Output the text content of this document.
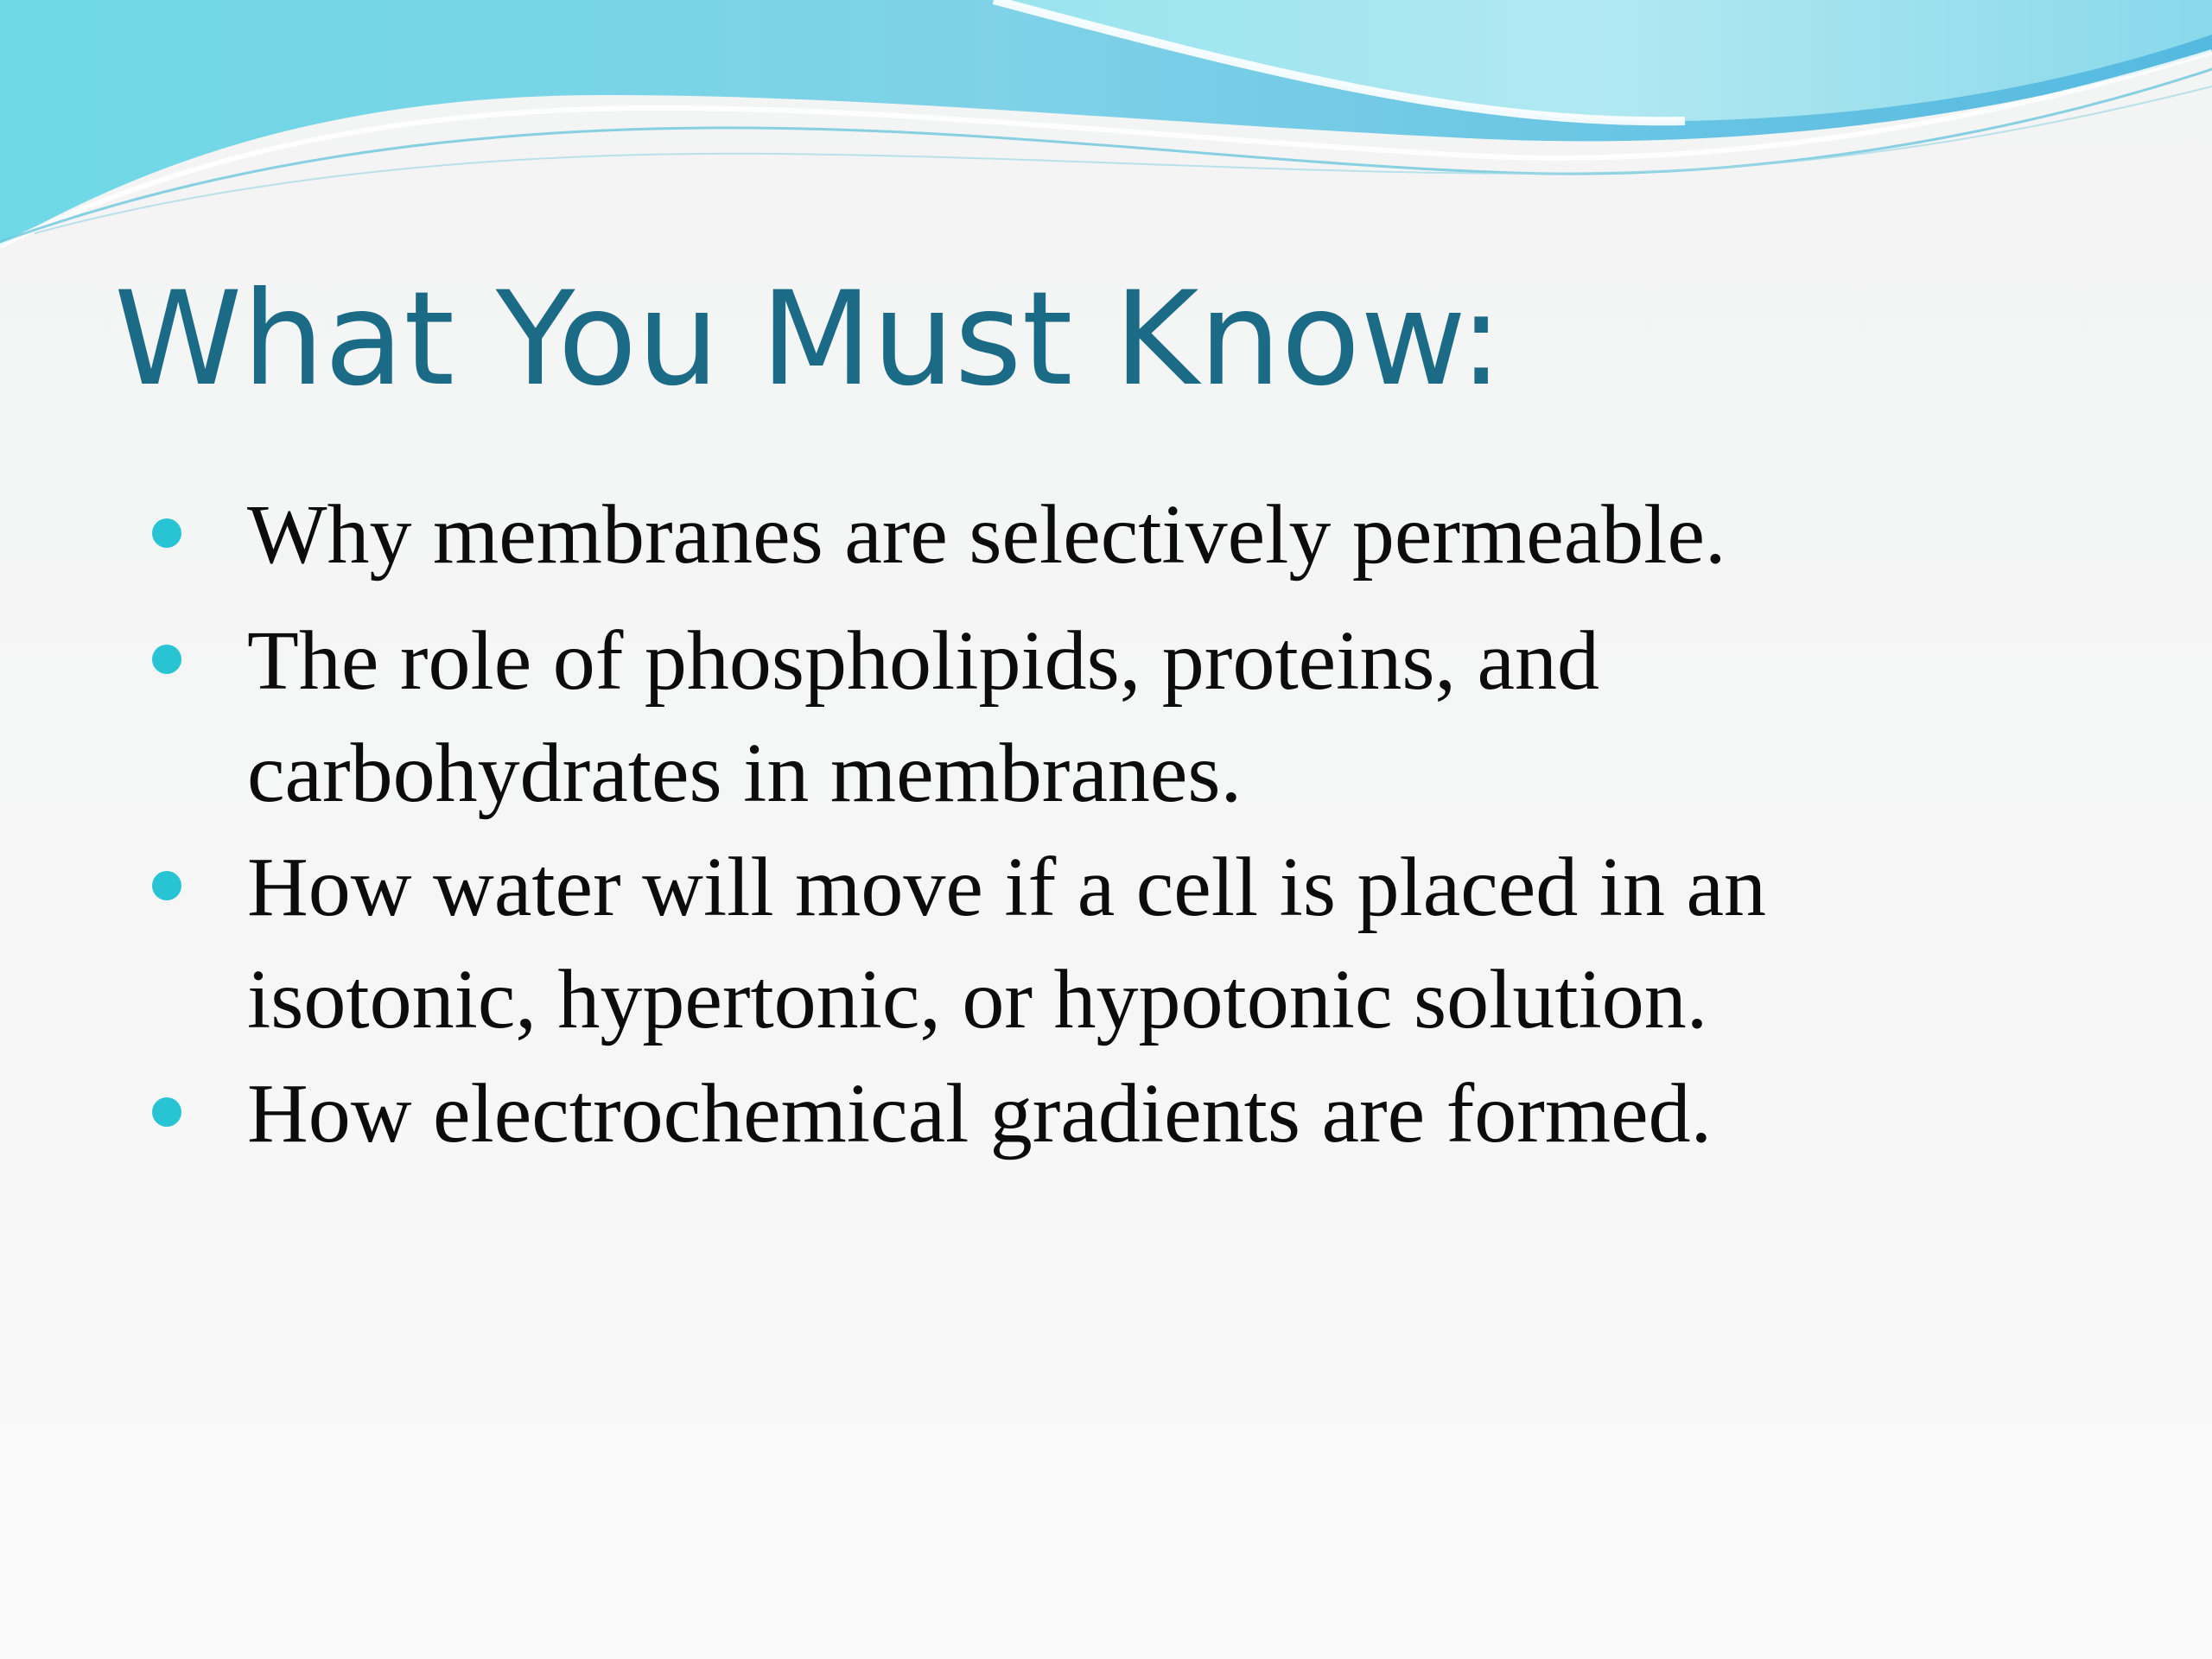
What You Must Know:
Why membranes are selectively permeable.
The role of phospholipids, proteins, and carbohydrates in membranes.
How water will move if a cell is placed in an isotonic, hypertonic, or hypotonic solution.
How electrochemical gradients are formed.
